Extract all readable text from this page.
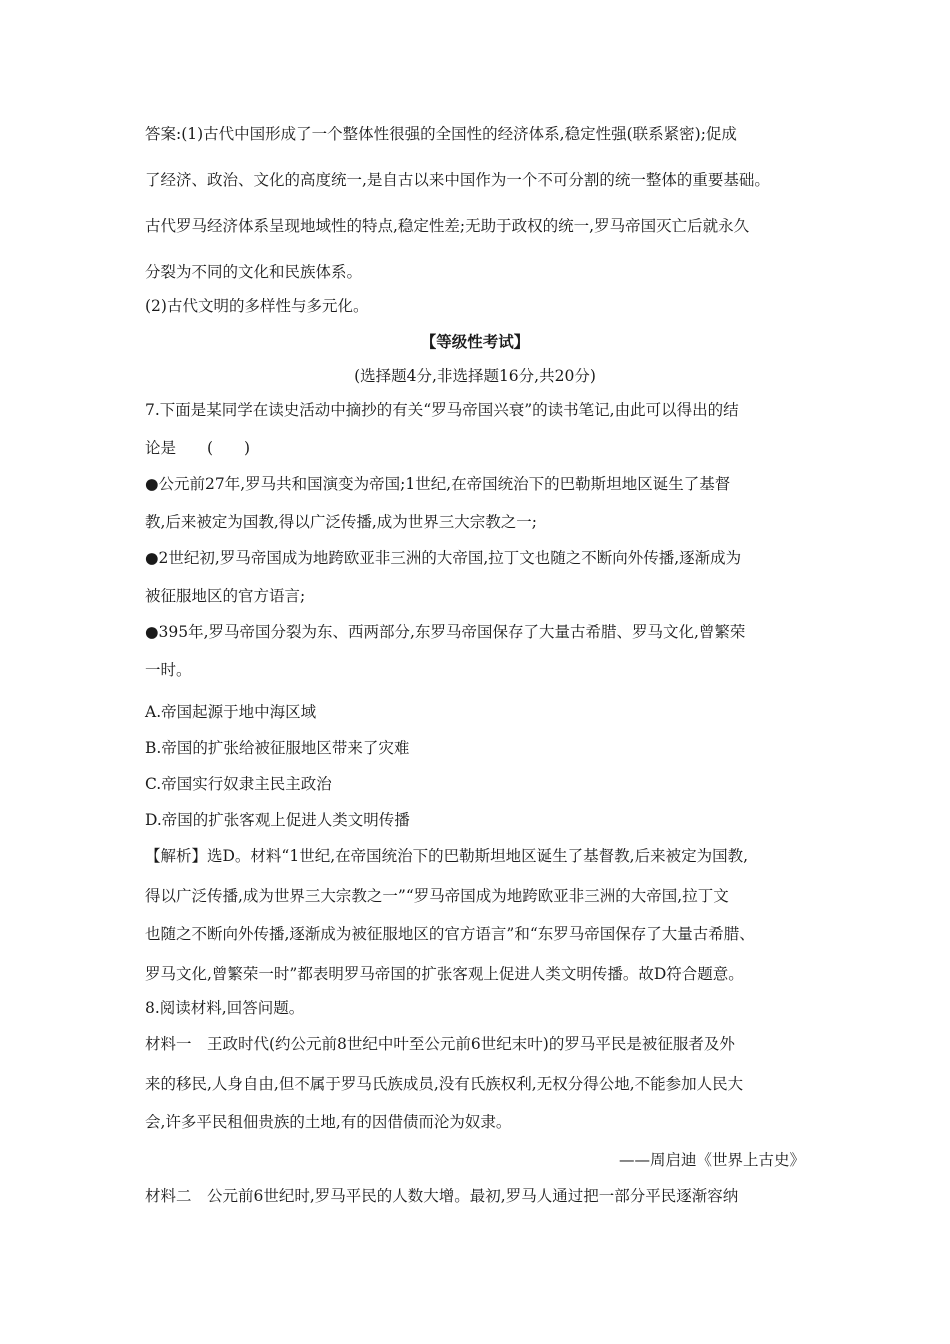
答案:(1)古代中国形成了一个整体性很强的全国性的经济体系,稳定性强(联系紧密);促成

了经济、政治、文化的高度统一,是自古以来中国作为一个不可分割的统一整体的重要基础。

古代罗马经济体系呈现地域性的特点,稳定性差;无助于政权的统一,罗马帝国灭亡后就永久

分裂为不同的文化和民族体系。

(2)古代文明的多样性与多元化。

【等级性考试】

(选择题4分,非选择题16分,共20分)

7.下面是某同学在读史活动中摘抄的有关“罗马帝国兴衰”的读书笔记,由此可以得出的结

论是　　(　　)

●公元前27年,罗马共和国演变为帝国;1世纪,在帝国统治下的巴勒斯坦地区诞生了基督

教,后来被定为国教,得以广泛传播,成为世界三大宗教之一;

●2世纪初,罗马帝国成为地跨欧亚非三洲的大帝国,拉丁文也随之不断向外传播,逐渐成为

被征服地区的官方语言;

●395年,罗马帝国分裂为东、西两部分,东罗马帝国保存了大量古希腊、罗马文化,曾繁荣

一时。

A.帝国起源于地中海区域

B.帝国的扩张给被征服地区带来了灾难

C.帝国实行奴隶主民主政治

D.帝国的扩张客观上促进人类文明传播

【解析】选D。材料“1世纪,在帝国统治下的巴勒斯坦地区诞生了基督教,后来被定为国教,

得以广泛传播,成为世界三大宗教之一”“罗马帝国成为地跨欧亚非三洲的大帝国,拉丁文

也随之不断向外传播,逐渐成为被征服地区的官方语言”和“东罗马帝国保存了大量古希腊、

罗马文化,曾繁荣一时”都表明罗马帝国的扩张客观上促进人类文明传播。故D符合题意。

8.阅读材料,回答问题。

材料一　王政时代(约公元前8世纪中叶至公元前6世纪末叶)的罗马平民是被征服者及外

来的移民,人身自由,但不属于罗马氏族成员,没有氏族权利,无权分得公地,不能参加人民大

会,许多平民租佃贵族的土地,有的因借债而沦为奴隶。

——周启迪《世界上古史》

材料二　公元前6世纪时,罗马平民的人数大增。最初,罗马人通过把一部分平民逐渐容纳
